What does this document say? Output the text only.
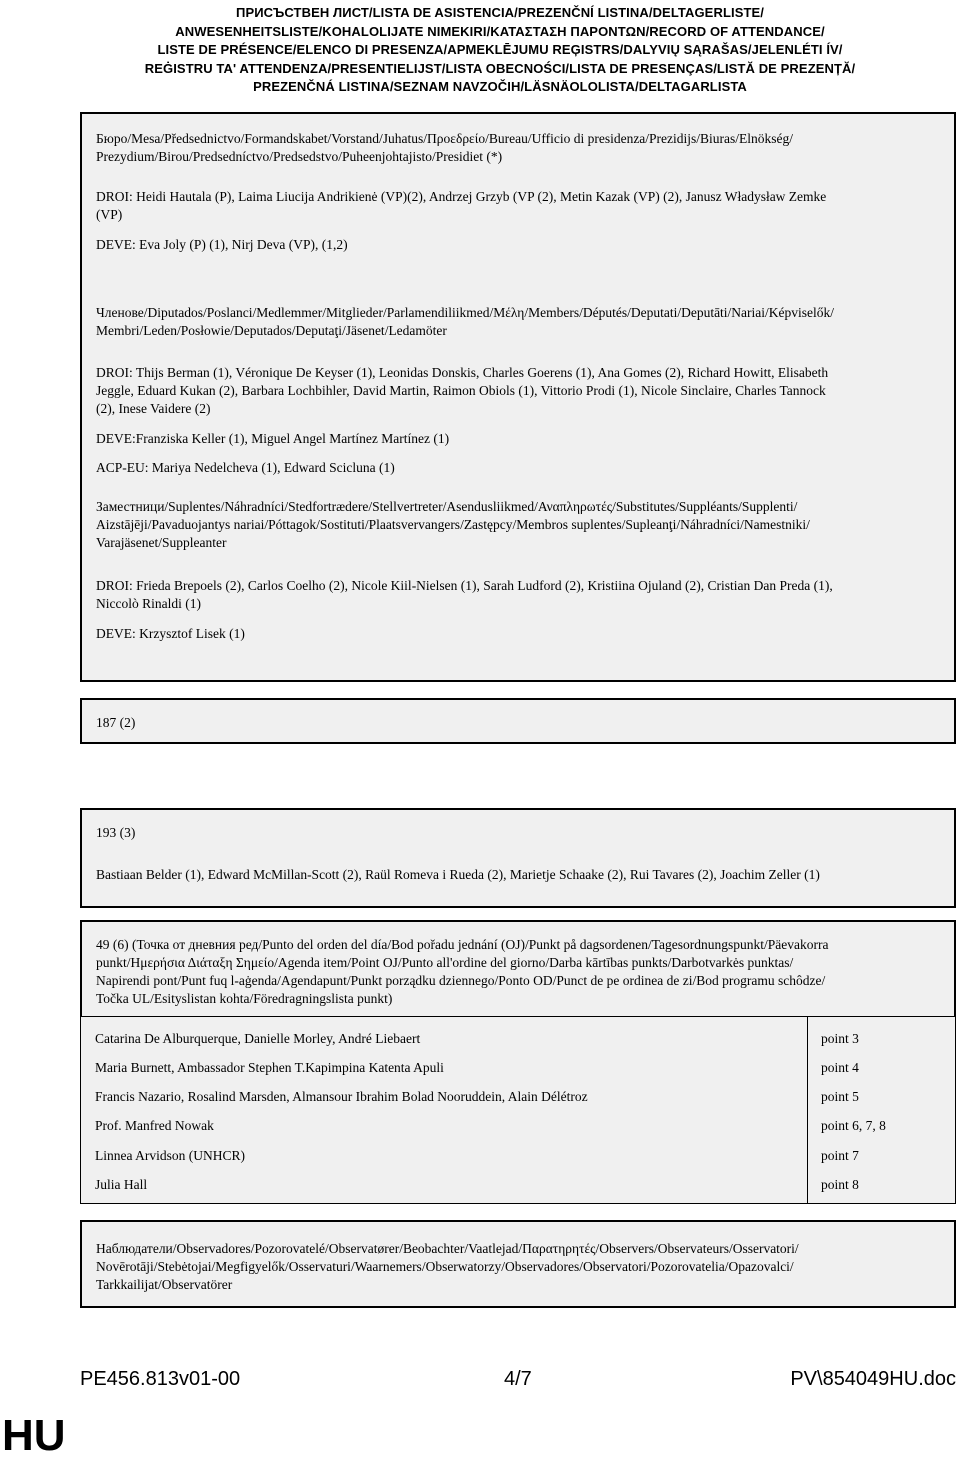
ПРИСЪСТВЕН ЛИСТ/LISTA DE ASISTENCIA/PREZENČNÍ LISTINA/DELTAGERLISTE/
ANWESENHEITSLISTE/KOHALOLIJATE NIMEKIRI/ΚΑΤΑΣΤΑΣΗ ΠΑΡΟΝΤΩΝ/RECORD OF ATTENDANCE/
LISTE DE PRÉSENCE/ELENCO DI PRESENZA/APMEKLĒJUMU REĢISTRS/DALYVIŲ SĄRAŠAS/JELENLÉTI ÍV/
REĠISTRU TA' ATTENDENZA/PRESENTIELIJST/LISTA OBECNOŚCI/LISTA DE PRESENÇAS/LISTĂ DE PREZENȚĂ/
PREZENČNÁ LISTINA/SEZNAM NAVZOČIH/LÄSNÄOLOLISTA/DELTAGARLISTA
Бюро/Mesa/Předsednictvo/Formandskabet/Vorstand/Juhatus/Προεδρείο/Bureau/Ufficio di presidenza/Prezidijs/Biuras/Elnökség/
Prezydium/Birou/Predsedníctvo/Predsedstvo/Puheenjohtajisto/Presidiet (*)
DROI: Heidi Hautala (P), Laima Liucija Andrikienė (VP)(2), Andrzej Grzyb (VP (2), Metin Kazak (VP) (2), Janusz Władysław Zemke
(VP)
DEVE: Eva Joly (P) (1), Nirj Deva (VP), (1,2)
Членове/Diputados/Poslanci/Medlemmer/Mitglieder/Parlamendiliikmed/Μέλη/Members/Députés/Deputati/Deputāti/Nariai/Képviselők/
Membri/Leden/Posłowie/Deputados/Deputaţi/Jäsenet/Ledamöter
DROI: Thijs Berman (1), Véronique De Keyser (1), Leonidas Donskis, Charles Goerens (1), Ana Gomes (2), Richard Howitt, Elisabeth
Jeggle, Eduard Kukan (2), Barbara Lochbihler, David Martin, Raimon Obiols (1), Vittorio Prodi (1), Nicole Sinclaire, Charles Tannock
(2), Inese Vaidere (2)
DEVE:Franziska Keller (1), Miguel Angel Martínez Martínez (1)
ACP-EU: Mariya Nedelcheva (1), Edward Scicluna (1)
Заместници/Suplentes/Náhradníci/Stedfortrædere/Stellvertreter/Asendusliikmed/Αναπληρωτές/Substitutes/Suppléants/Supplenti/
Aizstājēji/Pavaduojantys nariai/Póttagok/Sostituti/Plaatsvervangers/Zastępcy/Membros suplentes/Supleanţi/Náhradníci/Namestniki/
Varajäsenet/Suppleanter
DROI: Frieda Brepoels (2), Carlos Coelho (2), Nicole Kiil-Nielsen (1), Sarah Ludford (2), Kristiina Ojuland (2), Cristian Dan Preda (1),
Niccolò Rinaldi (1)
DEVE: Krzysztof Lisek (1)
187 (2)
193 (3)
Bastiaan Belder (1), Edward McMillan-Scott (2), Raül Romeva i Rueda (2), Marietje Schaake (2), Rui Tavares (2), Joachim Zeller (1)
49 (6) (Точка от дневния ред/Punto del orden del día/Bod pořadu jednání (OJ)/Punkt på dagsordenen/Tagesordnungspunkt/Päevakorra
punkt/Ημερήσια Διάταξη Σημείο/Agenda item/Point OJ/Punto all'ordine del giorno/Darba kārtības punkts/Darbotvarkės punktas/
Napirendi pont/Punt fuq l-aġenda/Agendapunt/Punkt porządku dziennego/Ponto OD/Punct de pe ordinea de zi/Bod programu schôdze/
Točka UL/Esityslistan kohta/Föredragningslista punkt)
Catarina De Alburquerque, Danielle Morley, André Liebaert	point 3
Maria Burnett, Ambassador Stephen T.Kapimpina Katenta Apuli	point 4
Francis Nazario, Rosalind Marsden, Almansour Ibrahim Bolad Nooruddein, Alain Délétroz	point 5
Prof. Manfred Nowak	point 6, 7, 8
Linnea Arvidson (UNHCR)	point 7
Julia Hall	point 8
Наблюдатели/Observadores/Pozorovatelé/Observatører/Beobachter/Vaatlejad/Παρατηρητές/Observers/Observateurs/Osservatori/
Novērotāji/Stebėtojai/Megfigyelők/Osservaturi/Waarnemers/Obserwatorzy/Observadores/Observatori/Pozorovatelia/Opazovalci/
Tarkkailijat/Observatörer
PE456.813v01-00	4/7	PV\854049HU.doc
HU
